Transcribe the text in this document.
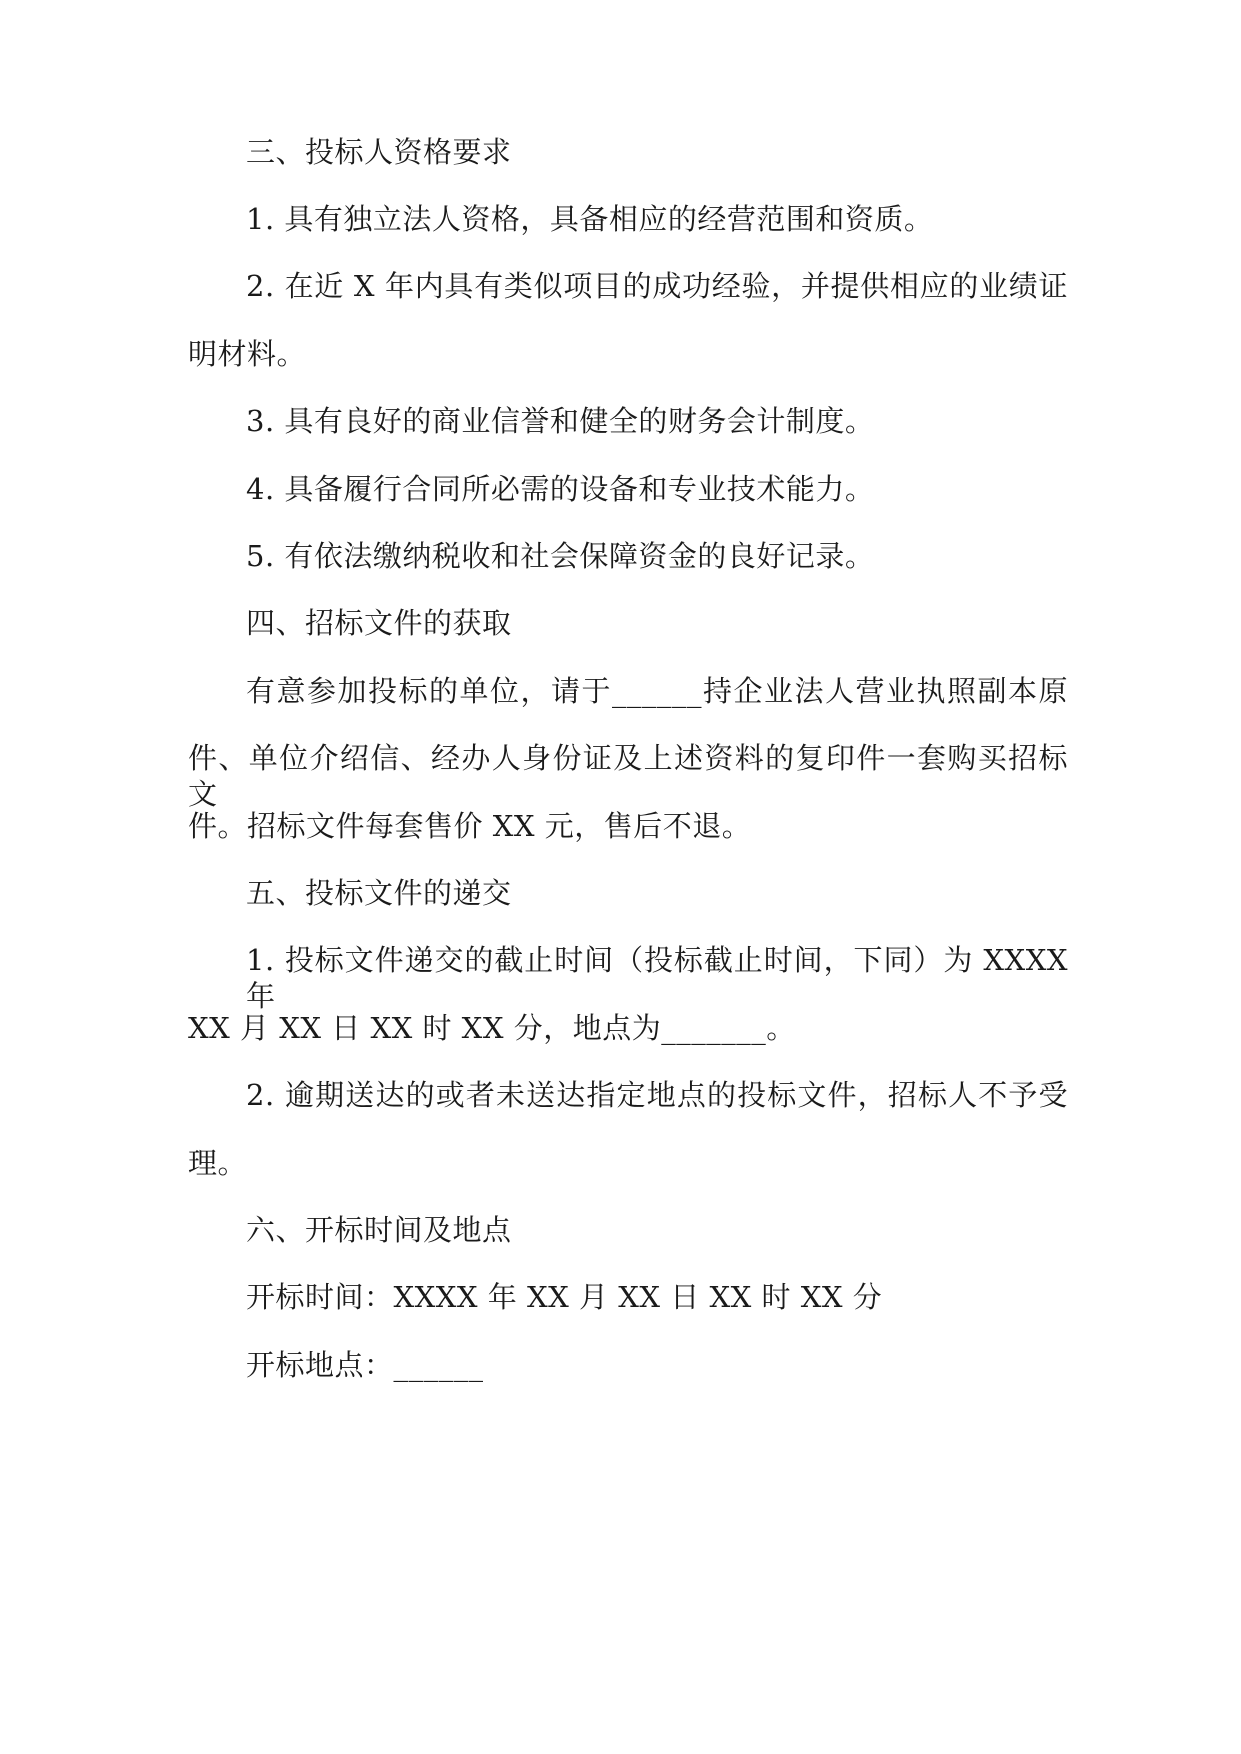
三、投标人资格要求
1. 具有独立法人资格，具备相应的经营范围和资质。
2. 在近 X 年内具有类似项目的成功经验，并提供相应的业绩证
明材料。
3. 具有良好的商业信誉和健全的财务会计制度。
4. 具备履行合同所必需的设备和专业技术能力。
5. 有依法缴纳税收和社会保障资金的良好记录。
四、招标文件的获取
有意参加投标的单位，请于______持企业法人营业执照副本原
件、单位介绍信、经办人身份证及上述资料的复印件一套购买招标文
件。招标文件每套售价 XX 元，售后不退。
五、投标文件的递交
1. 投标文件递交的截止时间（投标截止时间，下同）为 XXXX 年
XX 月 XX 日 XX 时 XX 分，地点为_______。
2. 逾期送达的或者未送达指定地点的投标文件，招标人不予受
理。
六、开标时间及地点
开标时间：XXXX 年 XX 月 XX 日 XX 时 XX 分
开标地点：______
